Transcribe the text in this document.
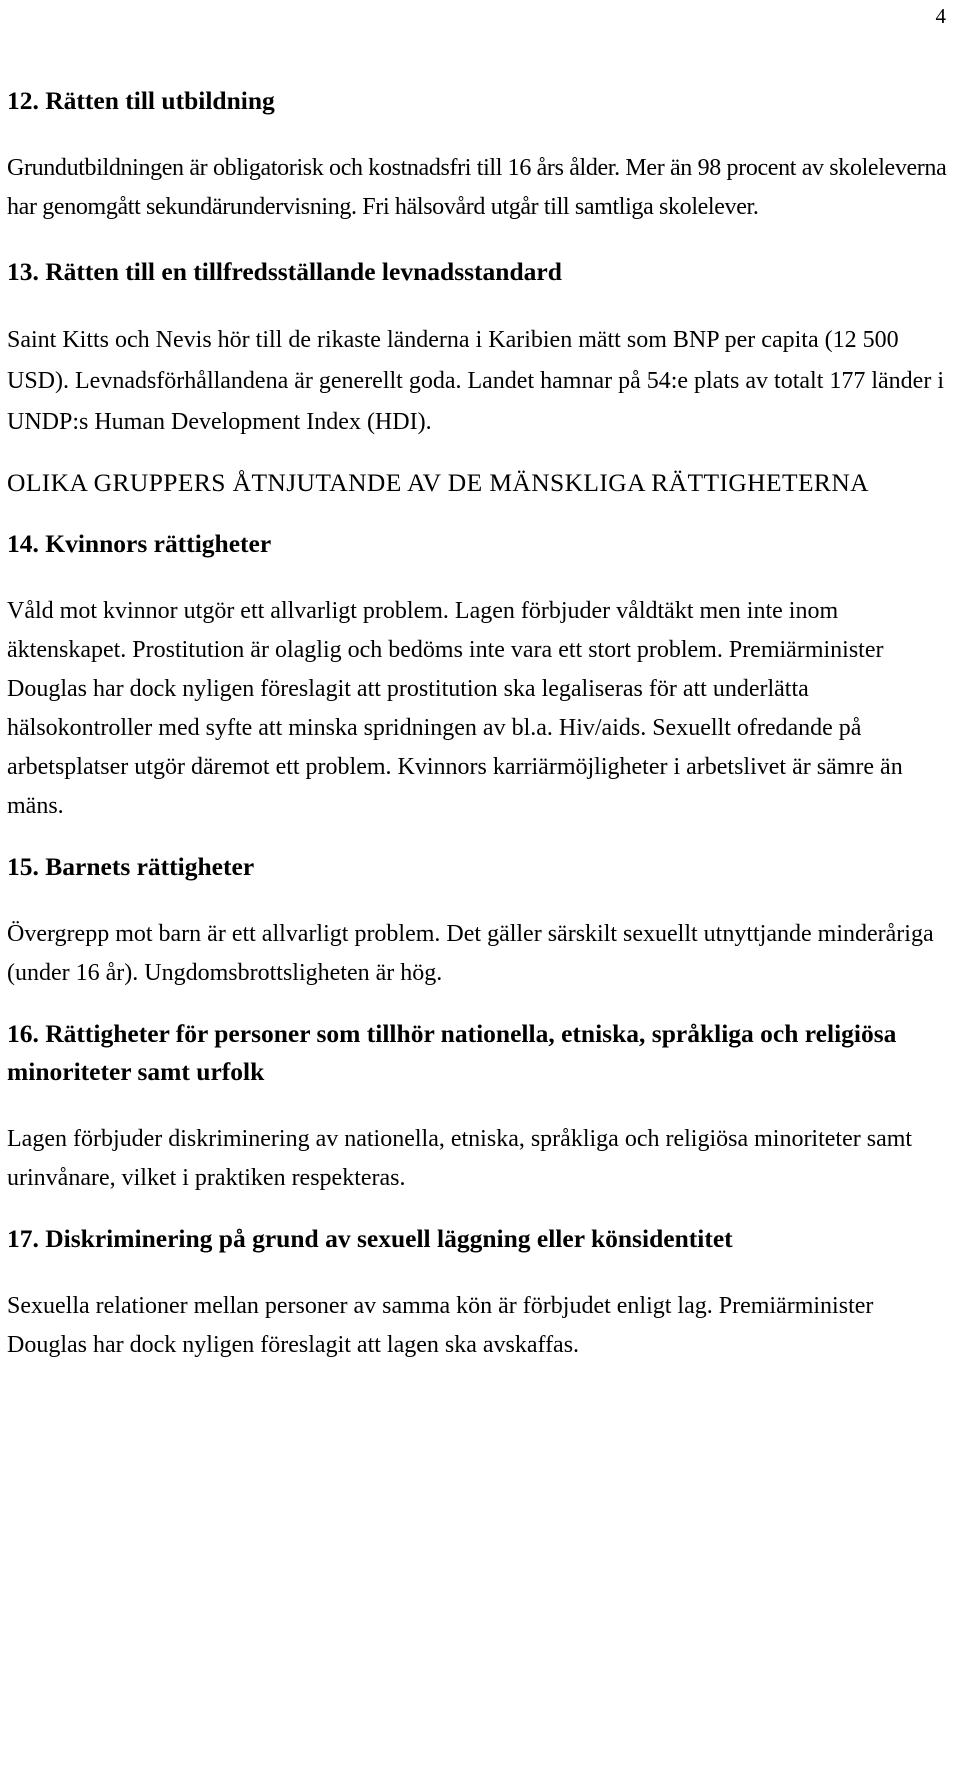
4
12. Rätten till utbildning

Grundutbildningen är obligatorisk och kostnadsfri till 16 års ålder. Mer än 98 procent av skoleleverna har genomgått sekundärundervisning. Fri hälsovård utgår till samtliga skolelever.

13. Rätten till en tillfredsställande levnadsstandard

Saint Kitts och Nevis hör till de rikaste länderna i Karibien mätt som BNP per capita (12 500 USD). Levnadsförhållandena är generellt goda. Landet hamnar på 54:e plats av totalt 177 länder i UNDP:s Human Development Index (HDI).

OLIKA GRUPPERS ÅTNJUTANDE AV DE MÄNSKLIGA RÄTTIGHETERNA
14. Kvinnors rättigheter

Våld mot kvinnor utgör ett allvarligt problem. Lagen förbjuder våldtäkt men inte inom äktenskapet. Prostitution är olaglig och bedöms inte vara ett stort problem. Premiärminister Douglas har dock nyligen föreslagit att prostitution ska legaliseras för att underlätta hälsokontroller med syfte att minska spridningen av bl.a. Hiv/aids. Sexuellt ofredande på arbetsplatser utgör däremot ett problem. Kvinnors karriärmöjligheter i arbetslivet är sämre än mäns.

15. Barnets rättigheter

Övergrepp mot barn är ett allvarligt problem. Det gäller särskilt sexuellt utnyttjande minderåriga (under 16 år). Ungdomsbrottsligheten är hög.

16. Rättigheter för personer som tillhör nationella, etniska, språkliga och religiösa minoriteter samt urfolk

Lagen förbjuder diskriminering av nationella, etniska, språkliga och religiösa minoriteter samt urinvånare, vilket i praktiken respekteras.

17. Diskriminering på grund av sexuell läggning eller könsidentitet

Sexuella relationer mellan personer av samma kön är förbjudet enligt lag. Premiärminister Douglas har dock nyligen föreslagit att lagen ska avskaffas.
